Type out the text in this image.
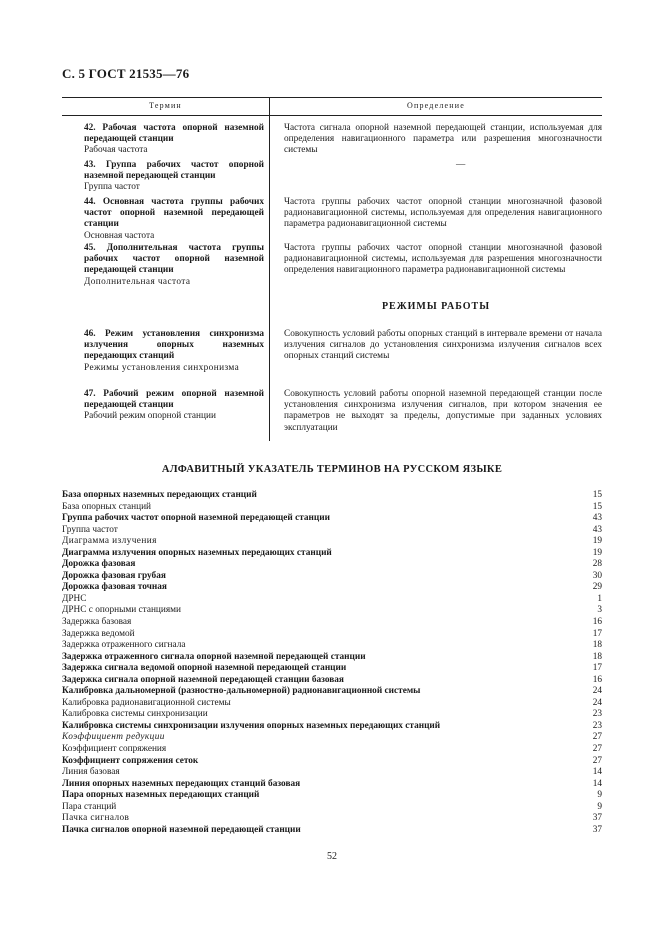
С. 5 ГОСТ 21535—76
Термин	Определение
42. Рабочая частота опорной наземной передающей станции
Рабочая частота
Частота сигнала опорной наземной передающей станции, используемая для определения навигационного параметра или разрешения многозначности системы
43. Группа рабочих частот опорной наземной передающей станции
Группа частот
—
44. Основная частота группы рабочих частот опорной наземной передающей станции
Основная частота
Частота группы рабочих частот опорной станции многозначной фазовой радионавигационной системы, используемая для определения навигационного параметра радионавигационной системы
45. Дополнительная частота группы рабочих частот опорной наземной передающей станции
Дополнительная частота
Частота группы рабочих частот опорной станции многозначной фазовой радионавигационной системы, используемая для разрешения многозначности определения навигационного параметра радионавигационной системы
РЕЖИМЫ РАБОТЫ
46. Режим установления синхронизма излучения опорных наземных передающих станций
Режимы установления синхронизма
Совокупность условий работы опорных станций в интервале времени от начала излучения сигналов до установления синхронизма излучения сигналов всех опорных станций системы
47. Рабочий режим опорной наземной передающей станции
Рабочий режим опорной станции
Совокупность условий работы опорной наземной передающей станции после установления синхронизма излучения сигналов, при котором значения ее параметров не выходят за пределы, допустимые при заданных условиях эксплуатации
АЛФАВИТНЫЙ УКАЗАТЕЛЬ ТЕРМИНОВ НА РУССКОМ ЯЗЫКЕ
База опорных наземных передающих станций	15
База опорных станций	15
Группа рабочих частот опорной наземной передающей станции	43
Группа частот	43
Диаграмма излучения	19
Диаграмма излучения опорных наземных передающих станций	19
Дорожка фазовая	28
Дорожка фазовая грубая	30
Дорожка фазовая точная	29
ДРНС	1
ДРНС с опорными станциями	3
Задержка базовая	16
Задержка ведомой	17
Задержка отраженного сигнала	18
Задержка отраженного сигнала опорной наземной передающей станции	18
Задержка сигнала ведомой опорной наземной передающей станции	17
Задержка сигнала опорной наземной передающей станции базовая	16
Калибровка дальномерной (разностно-дальномерной) радионавигационной системы	24
Калибровка радионавигационной системы	24
Калибровка системы синхронизации	23
Калибровка системы синхронизации излучения опорных наземных передающих станций	23
Коэффициент редукции	27
Коэффициент сопряжения	27
Коэффициент сопряжения сеток	27
Линия базовая	14
Линия опорных наземных передающих станций базовая	14
Пара опорных наземных передающих станций	9
Пара станций	9
Пачка сигналов	37
Пачка сигналов опорной наземной передающей станции	37
52
